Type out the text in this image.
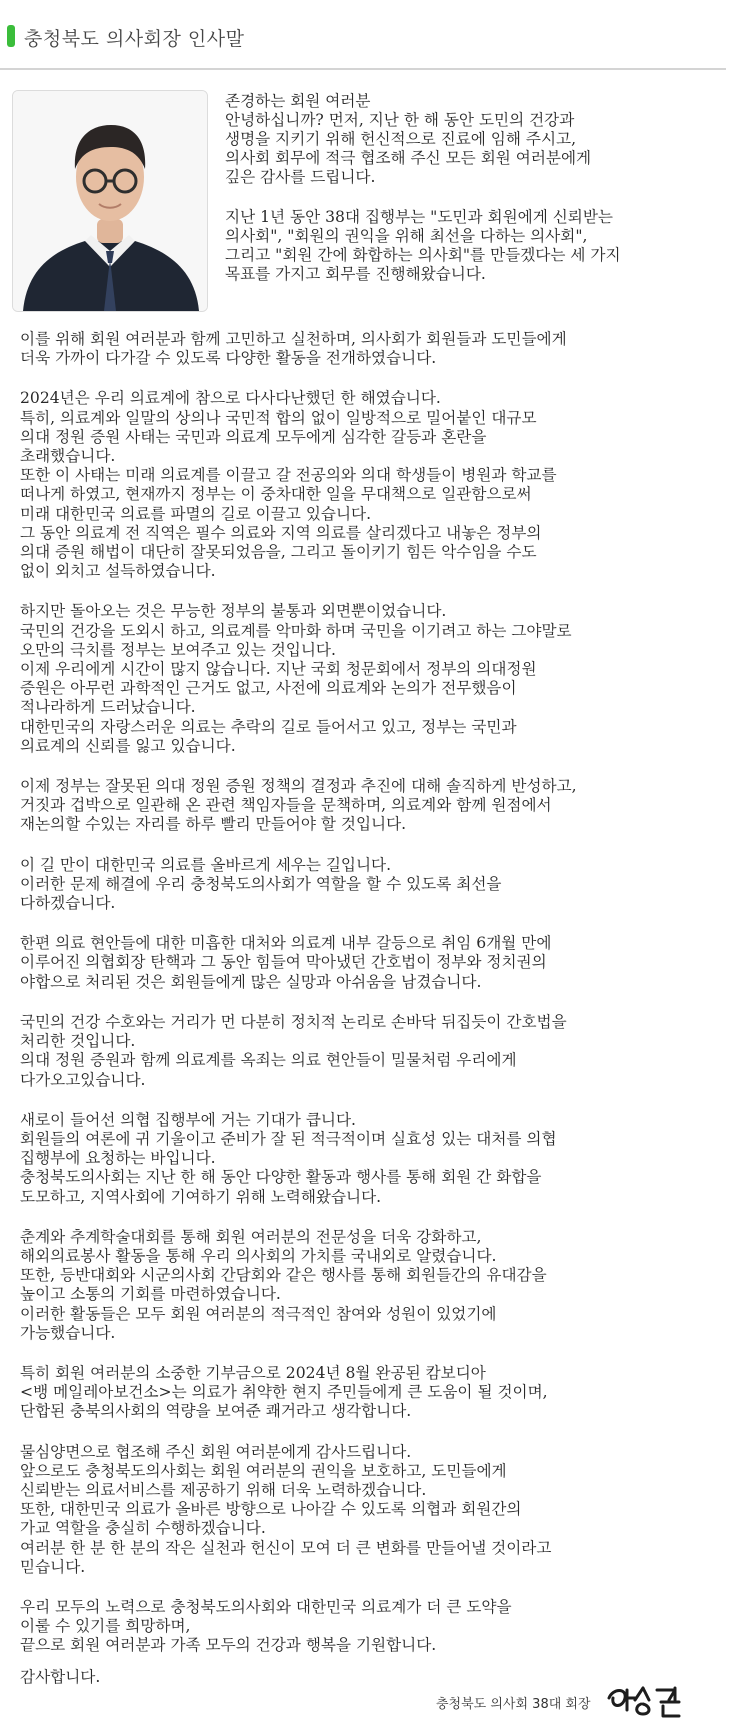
충청북도 의사회장 인사말

존경하는 회원 여러분
안녕하십니까? 먼저, 지난 한 해 동안 도민의 건강과
생명을 지키기 위해 헌신적으로 진료에 임해 주시고,
의사회 회무에 적극 협조해 주신 모든 회원 여러분에게
깊은 감사를 드립니다.

지난 1년 동안 38대 집행부는 "도민과 회원에게 신뢰받는
의사회", "회원의 권익을 위해 최선을 다하는 의사회",
그리고 "회원 간에 화합하는 의사회"를 만들겠다는 세 가지
목표를 가지고 회무를 진행해왔습니다.

이를 위해 회원 여러분과 함께 고민하고 실천하며, 의사회가 회원들과 도민들에게
더욱 가까이 다가갈 수 있도록 다양한 활동을 전개하였습니다.

2024년은 우리 의료계에 참으로 다사다난했던 한 해였습니다.
특히, 의료계와 일말의 상의나 국민적 합의 없이 일방적으로 밀어붙인 대규모
의대 정원 증원 사태는 국민과 의료계 모두에게 심각한 갈등과 혼란을
초래했습니다.
또한 이 사태는 미래 의료계를 이끌고 갈 전공의와 의대 학생들이 병원과 학교를
떠나게 하였고, 현재까지 정부는 이 중차대한 일을 무대책으로 일관함으로써
미래 대한민국 의료를 파멸의 길로 이끌고 있습니다.
그 동안 의료계 전 직역은 필수 의료와 지역 의료를 살리겠다고 내놓은 정부의
의대 증원 해법이 대단히 잘못되었음을, 그리고 돌이키기 힘든 악수임을 수도
없이 외치고 설득하였습니다.

하지만 돌아오는 것은 무능한 정부의 불통과 외면뿐이었습니다.
국민의 건강을 도외시 하고, 의료계를 악마화 하며 국민을 이기려고 하는 그야말로
오만의 극치를 정부는 보여주고 있는 것입니다.
이제 우리에게 시간이 많지 않습니다. 지난 국회 청문회에서 정부의 의대정원
증원은 아무런 과학적인 근거도 없고, 사전에 의료계와 논의가 전무했음이
적나라하게 드러났습니다.
대한민국의 자랑스러운 의료는 추락의 길로 들어서고 있고, 정부는 국민과
의료계의 신뢰를 잃고 있습니다.

이제 정부는 잘못된 의대 정원 증원 정책의 결정과 추진에 대해 솔직하게 반성하고,
거짓과 겁박으로 일관해 온 관련 책임자들을 문책하며, 의료계와 함께 원점에서
재논의할 수있는 자리를 하루 빨리 만들어야 할 것입니다.

이 길 만이 대한민국 의료를 올바르게 세우는 길입니다.
이러한 문제 해결에 우리 충청북도의사회가 역할을 할 수 있도록 최선을
다하겠습니다.

한편 의료 현안들에 대한 미흡한 대처와 의료계 내부 갈등으로 취임 6개월 만에
이루어진 의협회장 탄핵과 그 동안 힘들여 막아냈던 간호법이 정부와 정치권의
야합으로 처리된 것은 회원들에게 많은 실망과 아쉬움을 남겼습니다.

국민의 건강 수호와는 거리가 먼 다분히 정치적 논리로 손바닥 뒤집듯이 간호법을
처리한 것입니다.
의대 정원 증원과 함께 의료계를 옥죄는 의료 현안들이 밀물처럼 우리에게
다가오고있습니다.

새로이 들어선 의협 집행부에 거는 기대가 큽니다.
회원들의 여론에 귀 기울이고 준비가 잘 된 적극적이며 실효성 있는 대처를 의협
집행부에 요청하는 바입니다.
충청북도의사회는 지난 한 해 동안 다양한 활동과 행사를 통해 회원 간 화합을
도모하고, 지역사회에 기여하기 위해 노력해왔습니다.

춘계와 추계학술대회를 통해 회원 여러분의 전문성을 더욱 강화하고,
해외의료봉사 활동을 통해 우리 의사회의 가치를 국내외로 알렸습니다.
또한, 등반대회와 시군의사회 간담회와 같은 행사를 통해 회원들간의 유대감을
높이고 소통의 기회를 마련하였습니다.
이러한 활동들은 모두 회원 여러분의 적극적인 참여와 성원이 있었기에
가능했습니다.

특히 회원 여러분의 소중한 기부금으로 2024년 8월 완공된 캄보디아
<뱅 메일레아보건소>는 의료가 취약한 현지 주민들에게 큰 도움이 될 것이며,
단합된 충북의사회의 역량을 보여준 쾌거라고 생각합니다.

물심양면으로 협조해 주신 회원 여러분에게 감사드립니다.
앞으로도 충청북도의사회는 회원 여러분의 권익을 보호하고, 도민들에게
신뢰받는 의료서비스를 제공하기 위해 더욱 노력하겠습니다.
또한, 대한민국 의료가 올바른 방향으로 나아갈 수 있도록 의협과 회원간의
가교 역할을 충실히 수행하겠습니다.
여러분 한 분 한 분의 작은 실천과 헌신이 모여 더 큰 변화를 만들어낼 것이라고
믿습니다.

우리 모두의 노력으로 충청북도의사회와 대한민국 의료계가 더 큰 도약을
이룰 수 있기를 희망하며,
끝으로 회원 여러분과 가족 모두의 건강과 행복을 기원합니다.

감사합니다.
충청북도 의사회 38대 회장
